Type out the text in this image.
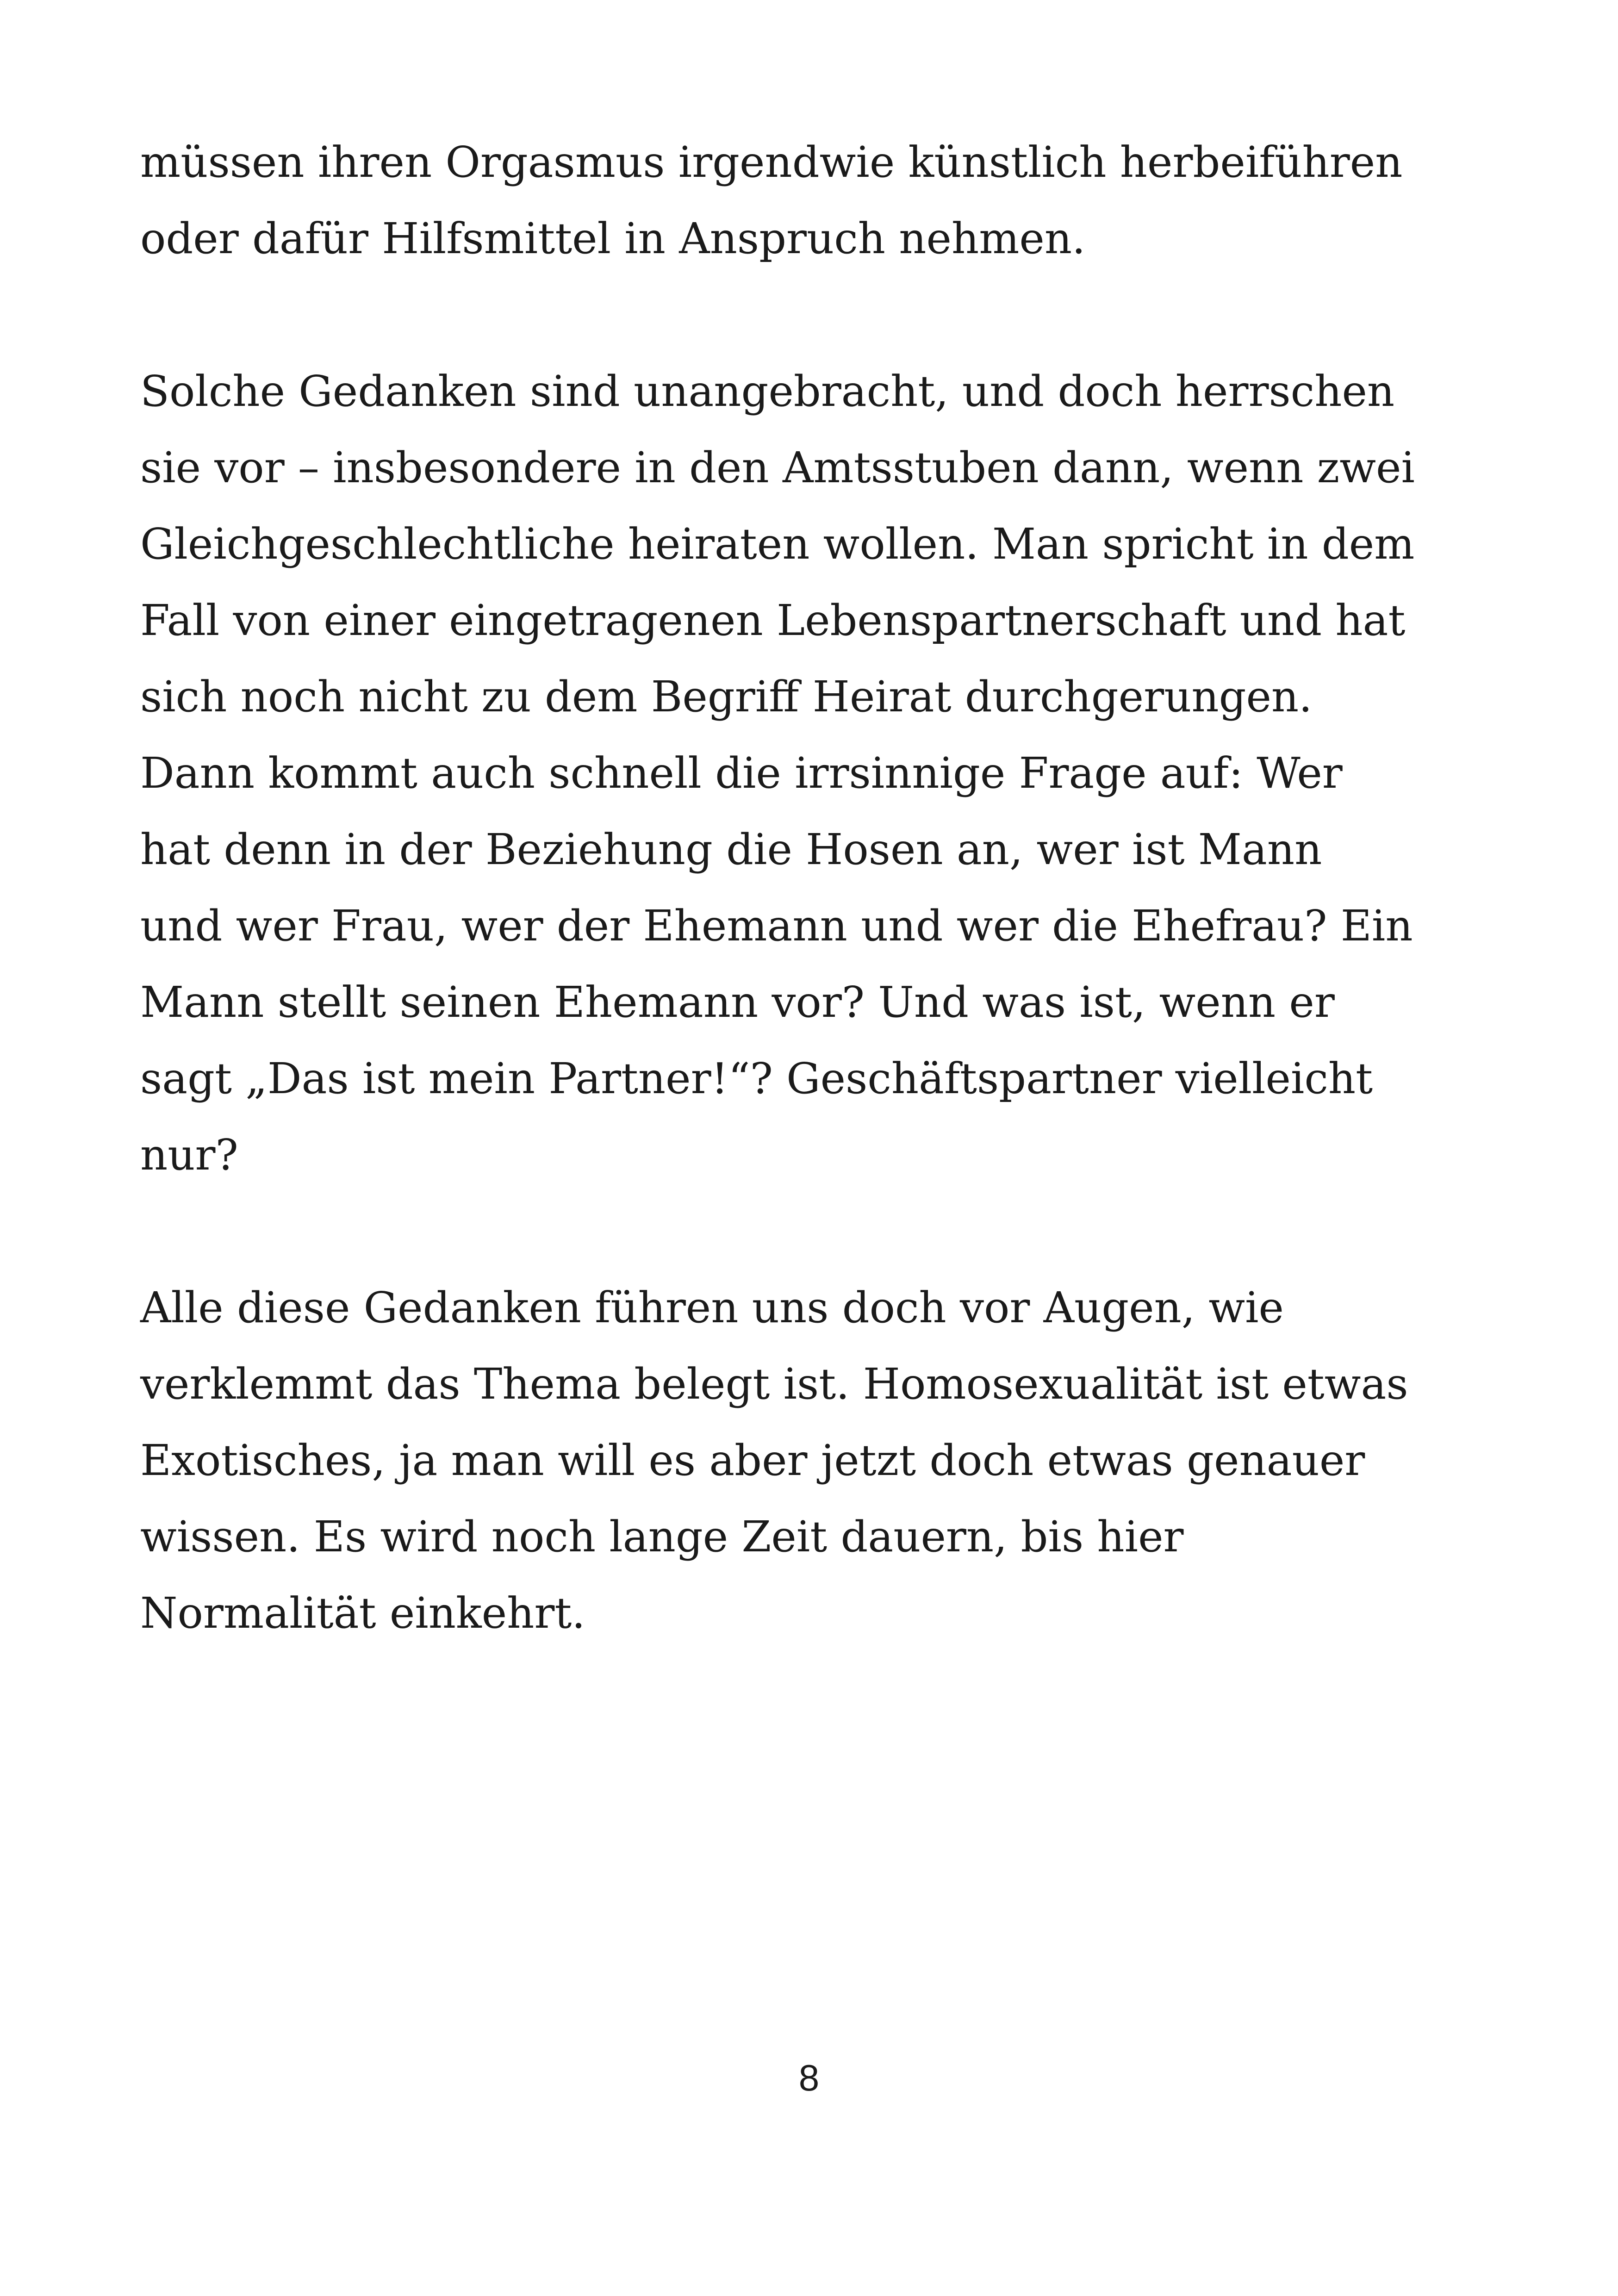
müssen ihren Orgasmus irgendwie künstlich herbeiführen
oder dafür Hilfsmittel in Anspruch nehmen.
Solche Gedanken sind unangebracht, und doch herrschen
sie vor – insbesondere in den Amtsstuben dann, wenn zwei
Gleichgeschlechtliche heiraten wollen. Man spricht in dem
Fall von einer eingetragenen Lebenspartnerschaft und hat
sich noch nicht zu dem Begriff Heirat durchgerungen.
Dann kommt auch schnell die irrsinnige Frage auf: Wer
hat denn in der Beziehung die Hosen an, wer ist Mann
und wer Frau, wer der Ehemann und wer die Ehefrau? Ein
Mann stellt seinen Ehemann vor? Und was ist, wenn er
sagt „Das ist mein Partner!“? Geschäftspartner vielleicht
nur?
Alle diese Gedanken führen uns doch vor Augen, wie
verklemmt das Thema belegt ist. Homosexualität ist etwas
Exotisches, ja man will es aber jetzt doch etwas genauer
wissen. Es wird noch lange Zeit dauern, bis hier
Normalität einkehrt.
8
